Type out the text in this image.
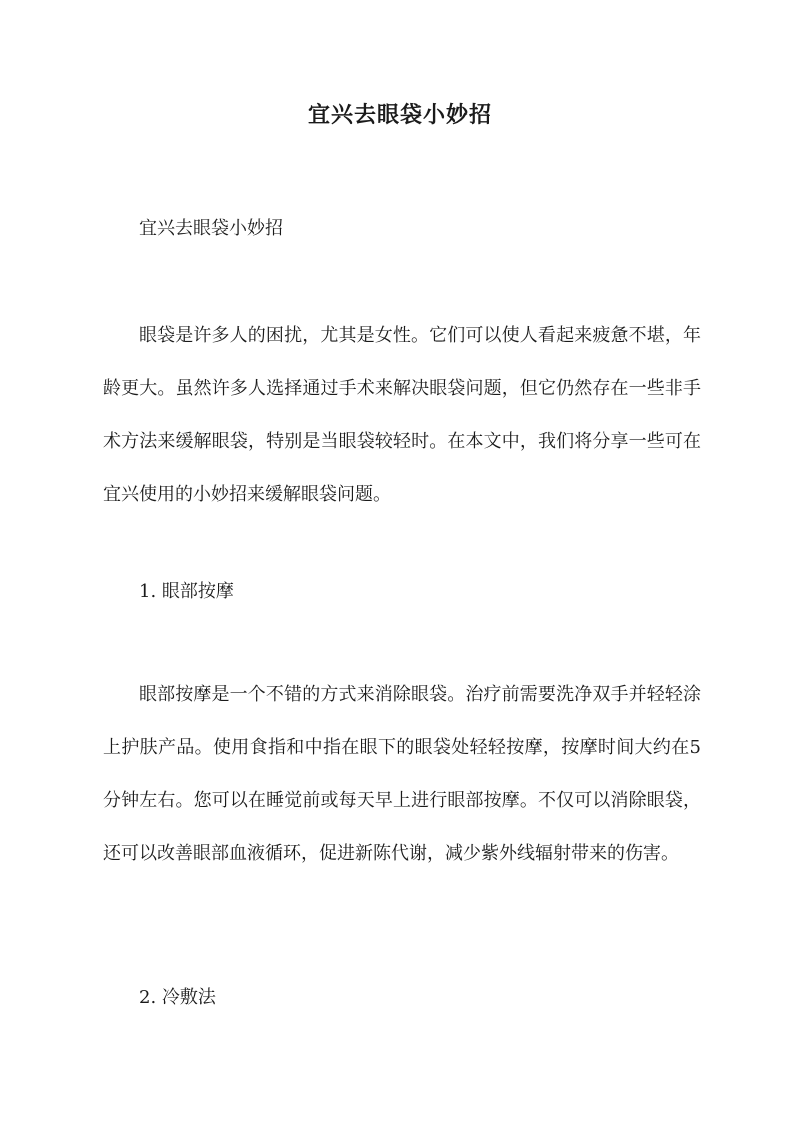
宜兴去眼袋小妙招

宜兴去眼袋小妙招

眼袋是许多人的困扰，尤其是女性。它们可以使人看起来疲惫不堪，年龄更大。虽然许多人选择通过手术来解决眼袋问题，但它仍然存在一些非手术方法来缓解眼袋，特别是当眼袋较轻时。在本文中，我们将分享一些可在宜兴使用的小妙招来缓解眼袋问题。

1. 眼部按摩

眼部按摩是一个不错的方式来消除眼袋。治疗前需要洗净双手并轻轻涂上护肤产品。使用食指和中指在眼下的眼袋处轻轻按摩，按摩时间大约在5分钟左右。您可以在睡觉前或每天早上进行眼部按摩。不仅可以消除眼袋，还可以改善眼部血液循环，促进新陈代谢，减少紫外线辐射带来的伤害。

2. 冷敷法
